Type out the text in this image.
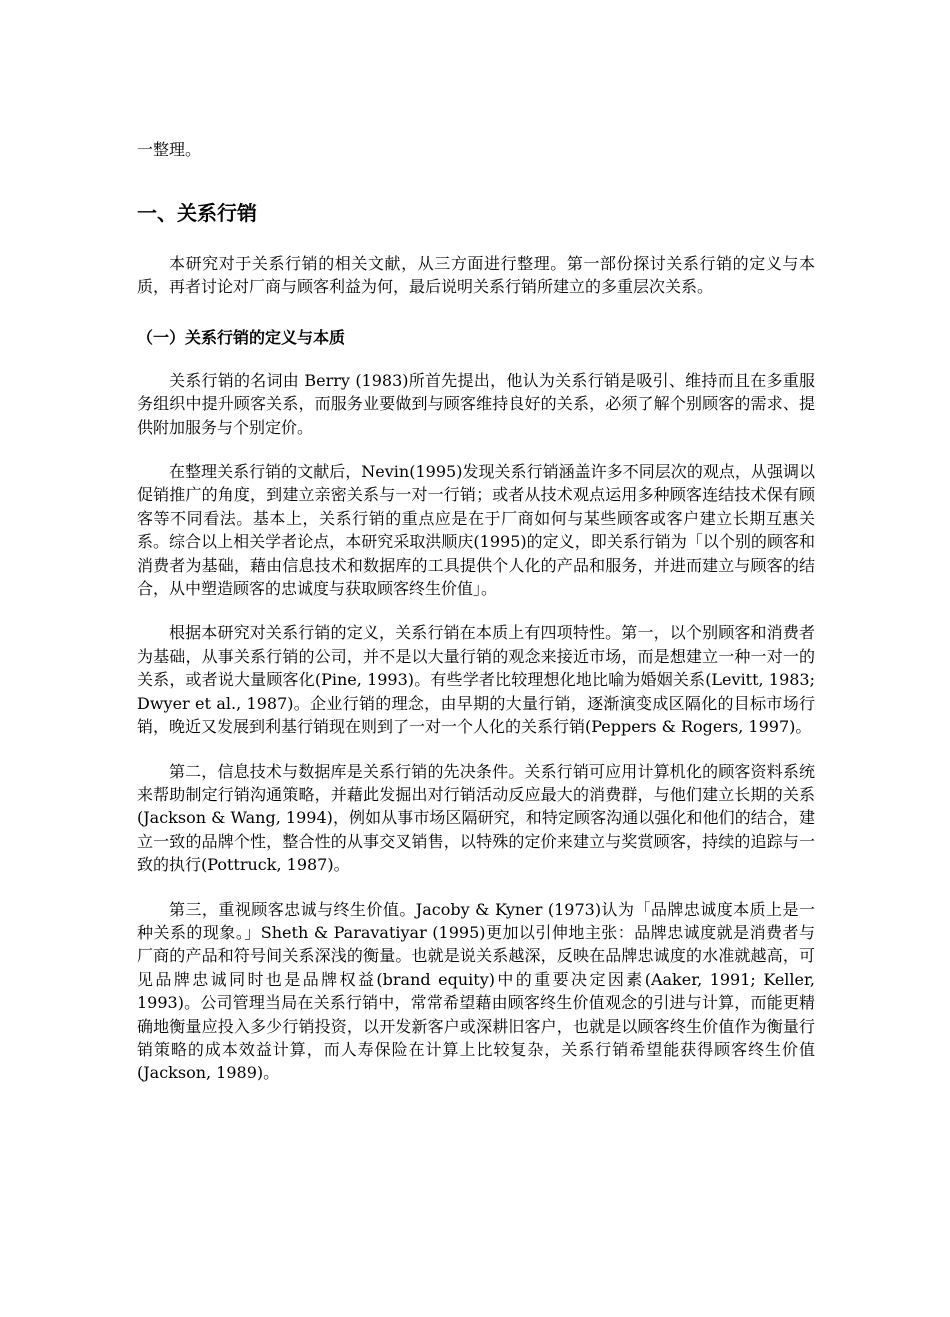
一整理。

一、关系行销

本研究对于关系行销的相关文献，从三方面进行整理。第一部份探讨关系行销的定义与本质，再者讨论对厂商与顾客利益为何，最后说明关系行销所建立的多重层次关系。

（一）关系行销的定义与本质

关系行销的名词由 Berry (1983)所首先提出，他认为关系行销是吸引、维持而且在多重服务组织中提升顾客关系，而服务业要做到与顾客维持良好的关系，必须了解个别顾客的需求、提供附加服务与个别定价。

在整理关系行销的文献后，Nevin(1995)发现关系行销涵盖许多不同层次的观点，从强调以促销推广的角度，到建立亲密关系与一对一行销；或者从技术观点运用多种顾客连结技术保有顾客等不同看法。基本上，关系行销的重点应是在于厂商如何与某些顾客或客户建立长期互惠关系。综合以上相关学者论点，本研究采取洪顺庆(1995)的定义，即关系行销为「以个别的顾客和消费者为基础，藉由信息技术和数据库的工具提供个人化的产品和服务，并进而建立与顾客的结合，从中塑造顾客的忠诚度与获取顾客终生价值」。

根据本研究对关系行销的定义，关系行销在本质上有四项特性。第一，以个别顾客和消费者为基础，从事关系行销的公司，并不是以大量行销的观念来接近市场，而是想建立一种一对一的关系，或者说大量顾客化(Pine, 1993)。有些学者比较理想化地比喻为婚姻关系(Levitt, 1983; Dwyer et al., 1987)。企业行销的理念，由早期的大量行销，逐渐演变成区隔化的目标市场行销，晚近又发展到利基行销现在则到了一对一个人化的关系行销(Peppers & Rogers, 1997)。

第二，信息技术与数据库是关系行销的先决条件。关系行销可应用计算机化的顾客资料系统来帮助制定行销沟通策略，并藉此发掘出对行销活动反应最大的消费群，与他们建立长期的关系(Jackson & Wang, 1994)，例如从事市场区隔研究，和特定顾客沟通以强化和他们的结合，建立一致的品牌个性，整合性的从事交叉销售，以特殊的定价来建立与奖赏顾客，持续的追踪与一致的执行(Pottruck, 1987)。

第三，重视顾客忠诚与终生价值。Jacoby & Kyner (1973)认为「品牌忠诚度本质上是一种关系的现象。」Sheth & Paravatiyar (1995)更加以引伸地主张：品牌忠诚度就是消费者与厂商的产品和符号间关系深浅的衡量。也就是说关系越深，反映在品牌忠诚度的水准就越高，可见品牌忠诚同时也是品牌权益(brand equity)中的重要决定因素(Aaker, 1991; Keller, 1993)。公司管理当局在关系行销中，常常希望藉由顾客终生价值观念的引进与计算，而能更精确地衡量应投入多少行销投资，以开发新客户或深耕旧客户，也就是以顾客终生价值作为衡量行销策略的成本效益计算，而人寿保险在计算上比较复杂，关系行销希望能获得顾客终生价值(Jackson, 1989)。
